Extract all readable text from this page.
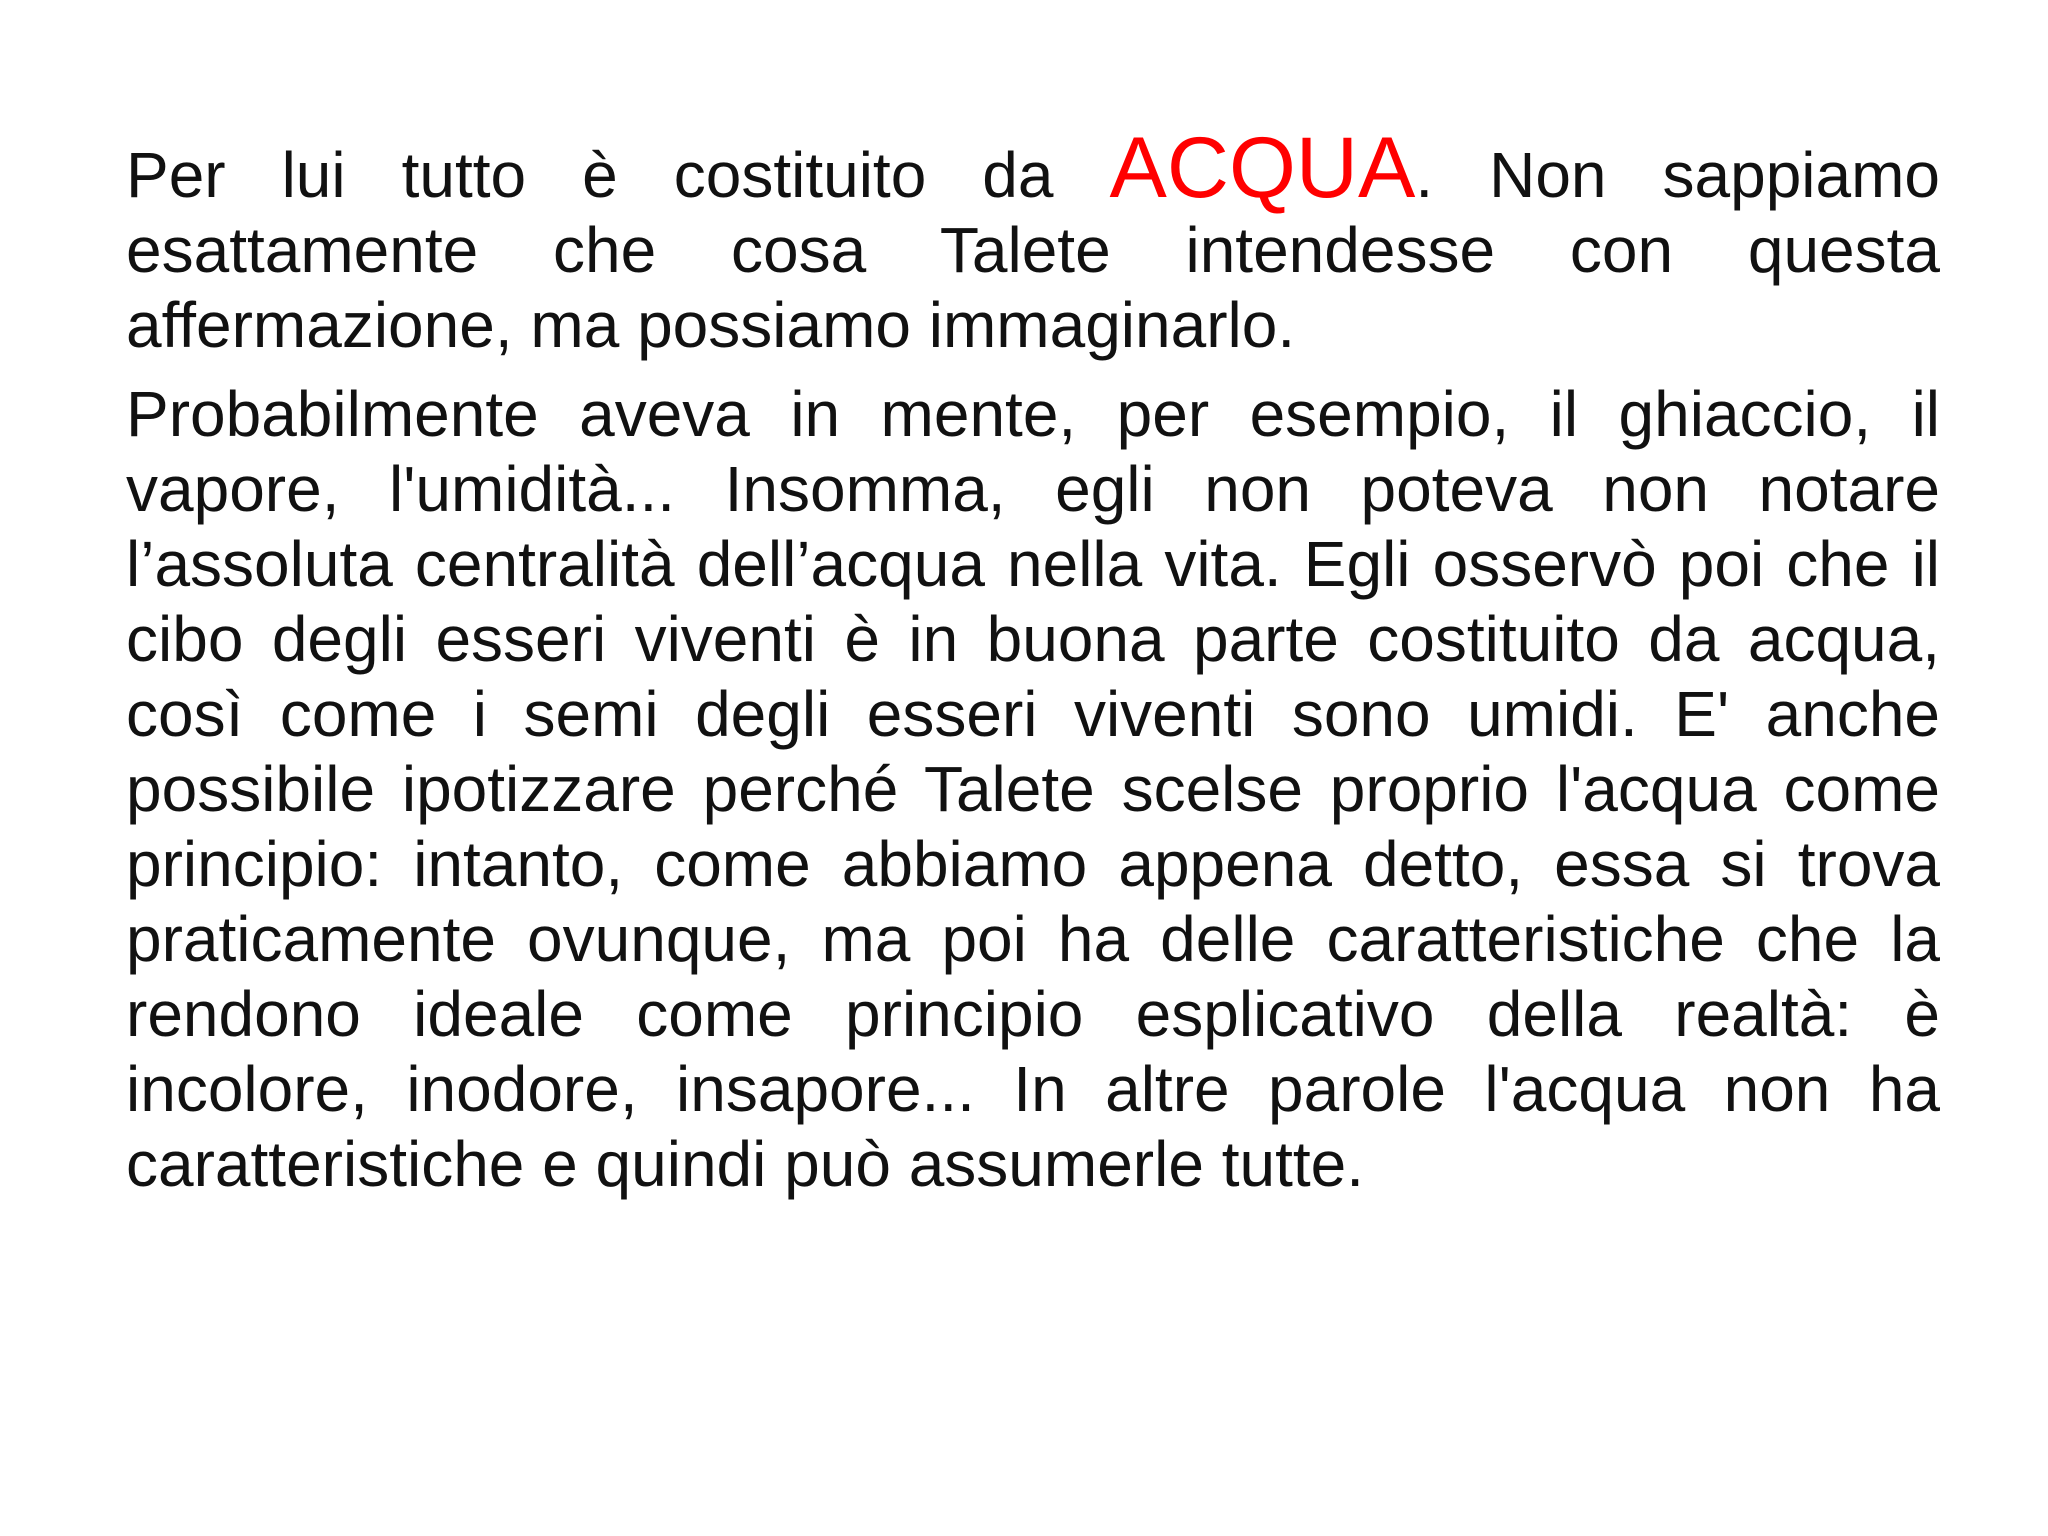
Per lui tutto è costituito da ACQUA. Non sappiamo esattamente che cosa Talete intendesse con questa affermazione, ma possiamo immaginarlo.

Probabilmente aveva in mente, per esempio, il ghiaccio, il vapore, l'umidità... Insomma, egli non poteva non notare l’assoluta centralità dell’acqua nella vita. Egli osservò poi che il cibo degli esseri viventi è in buona parte costituito da acqua, così come i semi degli esseri viventi sono umidi. E' anche possibile ipotizzare perché Talete scelse proprio l'acqua come principio: intanto, come abbiamo appena detto, essa si trova praticamente ovunque, ma poi ha delle caratteristiche che la rendono ideale come principio esplicativo della realtà: è incolore, inodore, insapore... In altre parole l'acqua non ha caratteristiche e quindi può assumerle tutte.
